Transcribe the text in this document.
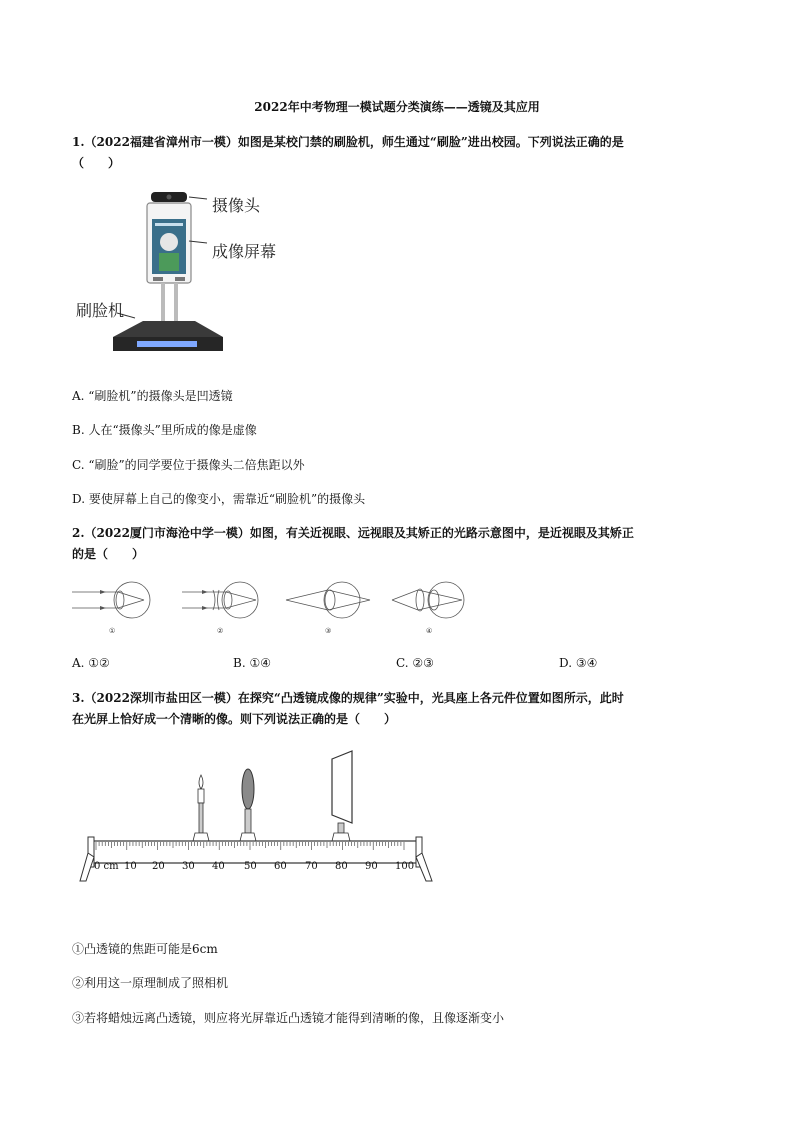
2022年中考物理一模试题分类演练——透镜及其应用
1.（2022福建省漳州市一模）如图是某校门禁的刷脸机，师生通过“刷脸”进出校园。下列说法正确的是
（　　）
摄像头
成像屏幕
刷脸机
A. “刷脸机”的摄像头是凹透镜
B. 人在“摄像头”里所成的像是虚像
C. “刷脸”的同学要位于摄像头二倍焦距以外
D. 要使屏幕上自己的像变小，需靠近“刷脸机”的摄像头
2.（2022厦门市海沧中学一模）如图，有关近视眼、远视眼及其矫正的光路示意图中，是近视眼及其矫正
的是（　　）
①	②	③	④
A. ①②	B. ①④	C. ②③	D. ③④
3.（2022深圳市盐田区一模）在探究“凸透镜成像的规律”实验中，光具座上各元件位置如图所示，此时
在光屏上恰好成一个清晰的像。则下列说法正确的是（　　）
0 cm 10 20 30 40 50 60 70 80 90 100
①凸透镜的焦距可能是6cm
②利用这一原理制成了照相机
③若将蜡烛远离凸透镜，则应将光屏靠近凸透镜才能得到清晰的像，且像逐渐变小
